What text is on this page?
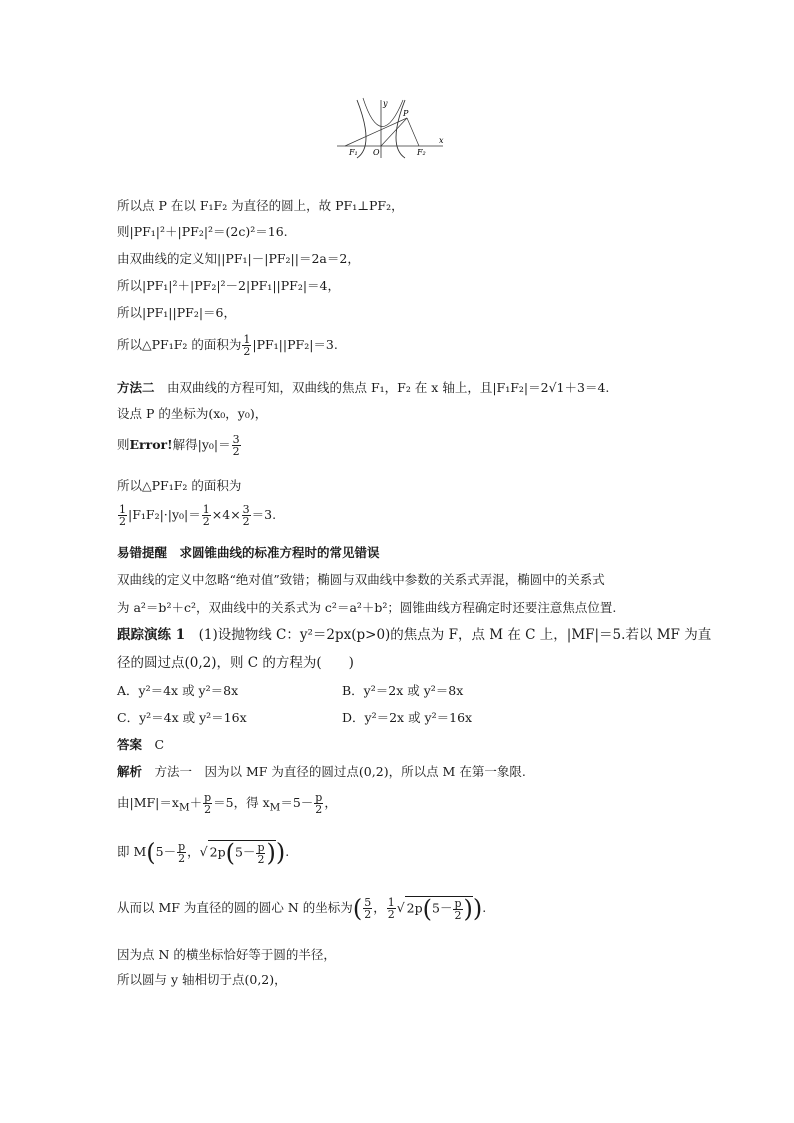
y
x
P
O
F₁	F₂
所以点 P 在以 F₁F₂ 为直径的圆上，故 PF₁⊥PF₂，
则|PF₁|²＋|PF₂|²＝(2c)²＝16.
由双曲线的定义知||PF₁|－|PF₂||＝2a＝2，
所以|PF₁|²＋|PF₂|²－2|PF₁||PF₂|＝4，
所以|PF₁||PF₂|＝6，
所以△PF₁F₂ 的面积为 $\frac{1}{2} |PF_1||PF_2|=3$.
方法二　由双曲线的方程可知，双曲线的焦点 F₁，F₂ 在 x 轴上，且|F₁F₂|＝2√1＋3＝4.
设点 P 的坐标为(x₀，y₀)，
则Error!解得$|y_0|= \frac{3}{2}$
所以△PF₁F₂ 的面积为
$\frac{1}{2} |F_1F_2|\cdot|y_0|= \frac{1}{2} \times 4\times \frac{3}{2} =3$.
易错提醒　求圆锥曲线的标准方程时的常见错误
双曲线的定义中忽略“绝对值”致错；椭圆与双曲线中参数的关系式弄混，椭圆中的关系式
为 a²＝b²＋c²，双曲线中的关系式为 c²＝a²＋b²；圆锥曲线方程确定时还要注意焦点位置.
跟踪演练 1　(1)设抛物线 C：y²＝2px(p>0)的焦点为 F，点 M 在 C 上，|MF|＝5.若以 MF 为直
径的圆过点(0,2)，则 C 的方程为(　　)
A．y²＝4x 或 y²＝8x	B．y²＝2x 或 y²＝8x
C．y²＝4x 或 y²＝16x	D．y²＝2x 或 y²＝16x
答案　C
解析　方法一　因为以 MF 为直径的圆过点(0,2)，所以点 M 在第一象限.
由$|MF|=x_M+ \frac{p}{2} =5$，得 $x_M=5- \frac{p}{2}$ ，
即 $M(5- \frac{p}{2}$ ，√ $2p(5- \frac{p}{2}$ )).
从而以 MF 为直径的圆的圆心 N 的坐标为( $\frac{5}{2}$ ， $\frac{1}{2}$ √ $2p(5- \frac{p}{2}$ )).
因为点 N 的横坐标恰好等于圆的半径，
所以圆与 y 轴相切于点(0,2)，
